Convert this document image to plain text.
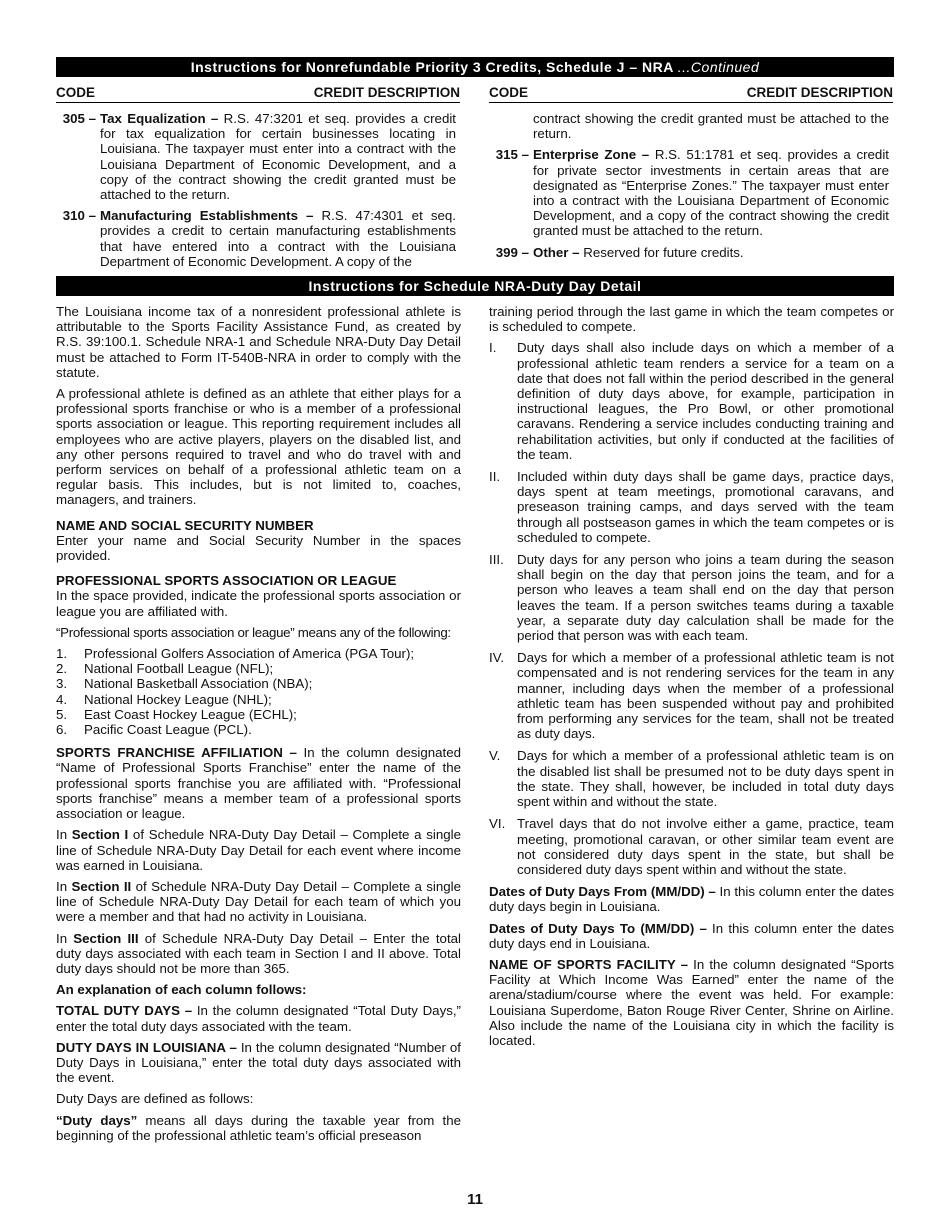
Instructions for Nonrefundable Priority 3 Credits, Schedule J – NRA ...Continued
CODE	CREDIT DESCRIPTION CODE	CREDIT DESCRIPTION
305 – Tax Equalization – R.S. 47:3201 et seq. provides a credit for tax equalization for certain businesses locating in Louisiana. The taxpayer must enter into a contract with the Louisiana Department of Economic Development, and a copy of the contract showing the credit granted must be attached to the return.
310 – Manufacturing Establishments – R.S. 47:4301 et seq. provides a credit to certain manufacturing establishments that have entered into a contract with the Louisiana Department of Economic Development. A copy of the
contract showing the credit granted must be attached to the return.
315 – Enterprise Zone – R.S. 51:1781 et seq. provides a credit for private sector investments in certain areas that are designated as “Enterprise Zones.” The taxpayer must enter into a contract with the Louisiana Department of Economic Development, and a copy of the contract showing the credit granted must be attached to the return.
399 – Other – Reserved for future credits.
Instructions for Schedule NRA-Duty Day Detail

The Louisiana income tax of a nonresident professional athlete is attributable to the Sports Facility Assistance Fund, as created by R.S. 39:100.1. Schedule NRA-1 and Schedule NRA-Duty Day Detail must be attached to Form IT-540B-NRA in order to comply with the statute.

A professional athlete is defined as an athlete that either plays for a professional sports franchise or who is a member of a professional sports association or league. This reporting requirement includes all employees who are active players, players on the disabled list, and any other persons required to travel and who do travel with and perform services on behalf of a professional athletic team on a regular basis. This includes, but is not limited to, coaches, managers, and trainers.

NAME AND SOCIAL SECURITY NUMBER

Enter your name and Social Security Number in the spaces provided.

PROFESSIONAL SPORTS ASSOCIATION OR LEAGUE

In the space provided, indicate the professional sports association or league you are affiliated with.

“Professional sports association or league” means any of the following:

1. Professional Golfers Association of America (PGA Tour);
2. National Football League (NFL);
3. National Basketball Association (NBA);
4. National Hockey League (NHL);
5. East Coast Hockey League (ECHL);
6. Pacific Coast League (PCL).

SPORTS FRANCHISE AFFILIATION – In the column designated “Name of Professional Sports Franchise” enter the name of the professional sports franchise you are affiliated with. “Professional sports franchise” means a member team of a professional sports association or league.

In Section I of Schedule NRA-Duty Day Detail – Complete a single line of Schedule NRA-Duty Day Detail for each event where income was earned in Louisiana.

In Section II of Schedule NRA-Duty Day Detail – Complete a single line of Schedule NRA-Duty Day Detail for each team of which you were a member and that had no activity in Louisiana.

In Section III of Schedule NRA-Duty Day Detail – Enter the total duty days associated with each team in Section I and II above. Total duty days should not be more than 365.

An explanation of each column follows:

TOTAL DUTY DAYS – In the column designated “Total Duty Days,” enter the total duty days associated with the team.

DUTY DAYS IN LOUISIANA – In the column designated “Number of Duty Days in Louisiana,” enter the total duty days associated with the event.

Duty Days are defined as follows:

“Duty days” means all days during the taxable year from the beginning of the professional athletic team’s official preseason

training period through the last game in which the team competes or is scheduled to compete.

I. Duty days shall also include days on which a member of a professional athletic team renders a service for a team on a date that does not fall within the period described in the general definition of duty days above, for example, participation in instructional leagues, the Pro Bowl, or other promotional caravans. Rendering a service includes conducting training and rehabilitation activities, but only if conducted at the facilities of the team.
II. Included within duty days shall be game days, practice days, days spent at team meetings, promotional caravans, and preseason training camps, and days served with the team through all postseason games in which the team competes or is scheduled to compete.
III. Duty days for any person who joins a team during the season shall begin on the day that person joins the team, and for a person who leaves a team shall end on the day that person leaves the team. If a person switches teams during a taxable year, a separate duty day calculation shall be made for the period that person was with each team.
IV. Days for which a member of a professional athletic team is not compensated and is not rendering services for the team in any manner, including days when the member of a professional athletic team has been suspended without pay and prohibited from performing any services for the team, shall not be treated as duty days.
V. Days for which a member of a professional athletic team is on the disabled list shall be presumed not to be duty days spent in the state. They shall, however, be included in total duty days spent within and without the state.
VI. Travel days that do not involve either a game, practice, team meeting, promotional caravan, or other similar team event are not considered duty days spent in the state, but shall be considered duty days spent within and without the state.

Dates of Duty Days From (MM/DD) – In this column enter the dates duty days begin in Louisiana.

Dates of Duty Days To (MM/DD) – In this column enter the dates duty days end in Louisiana.

NAME OF SPORTS FACILITY – In the column designated “Sports Facility at Which Income Was Earned” enter the name of the arena/stadium/course where the event was held. For example: Louisiana Superdome, Baton Rouge River Center, Shrine on Airline. Also include the name of the Louisiana city in which the facility is located.

11
